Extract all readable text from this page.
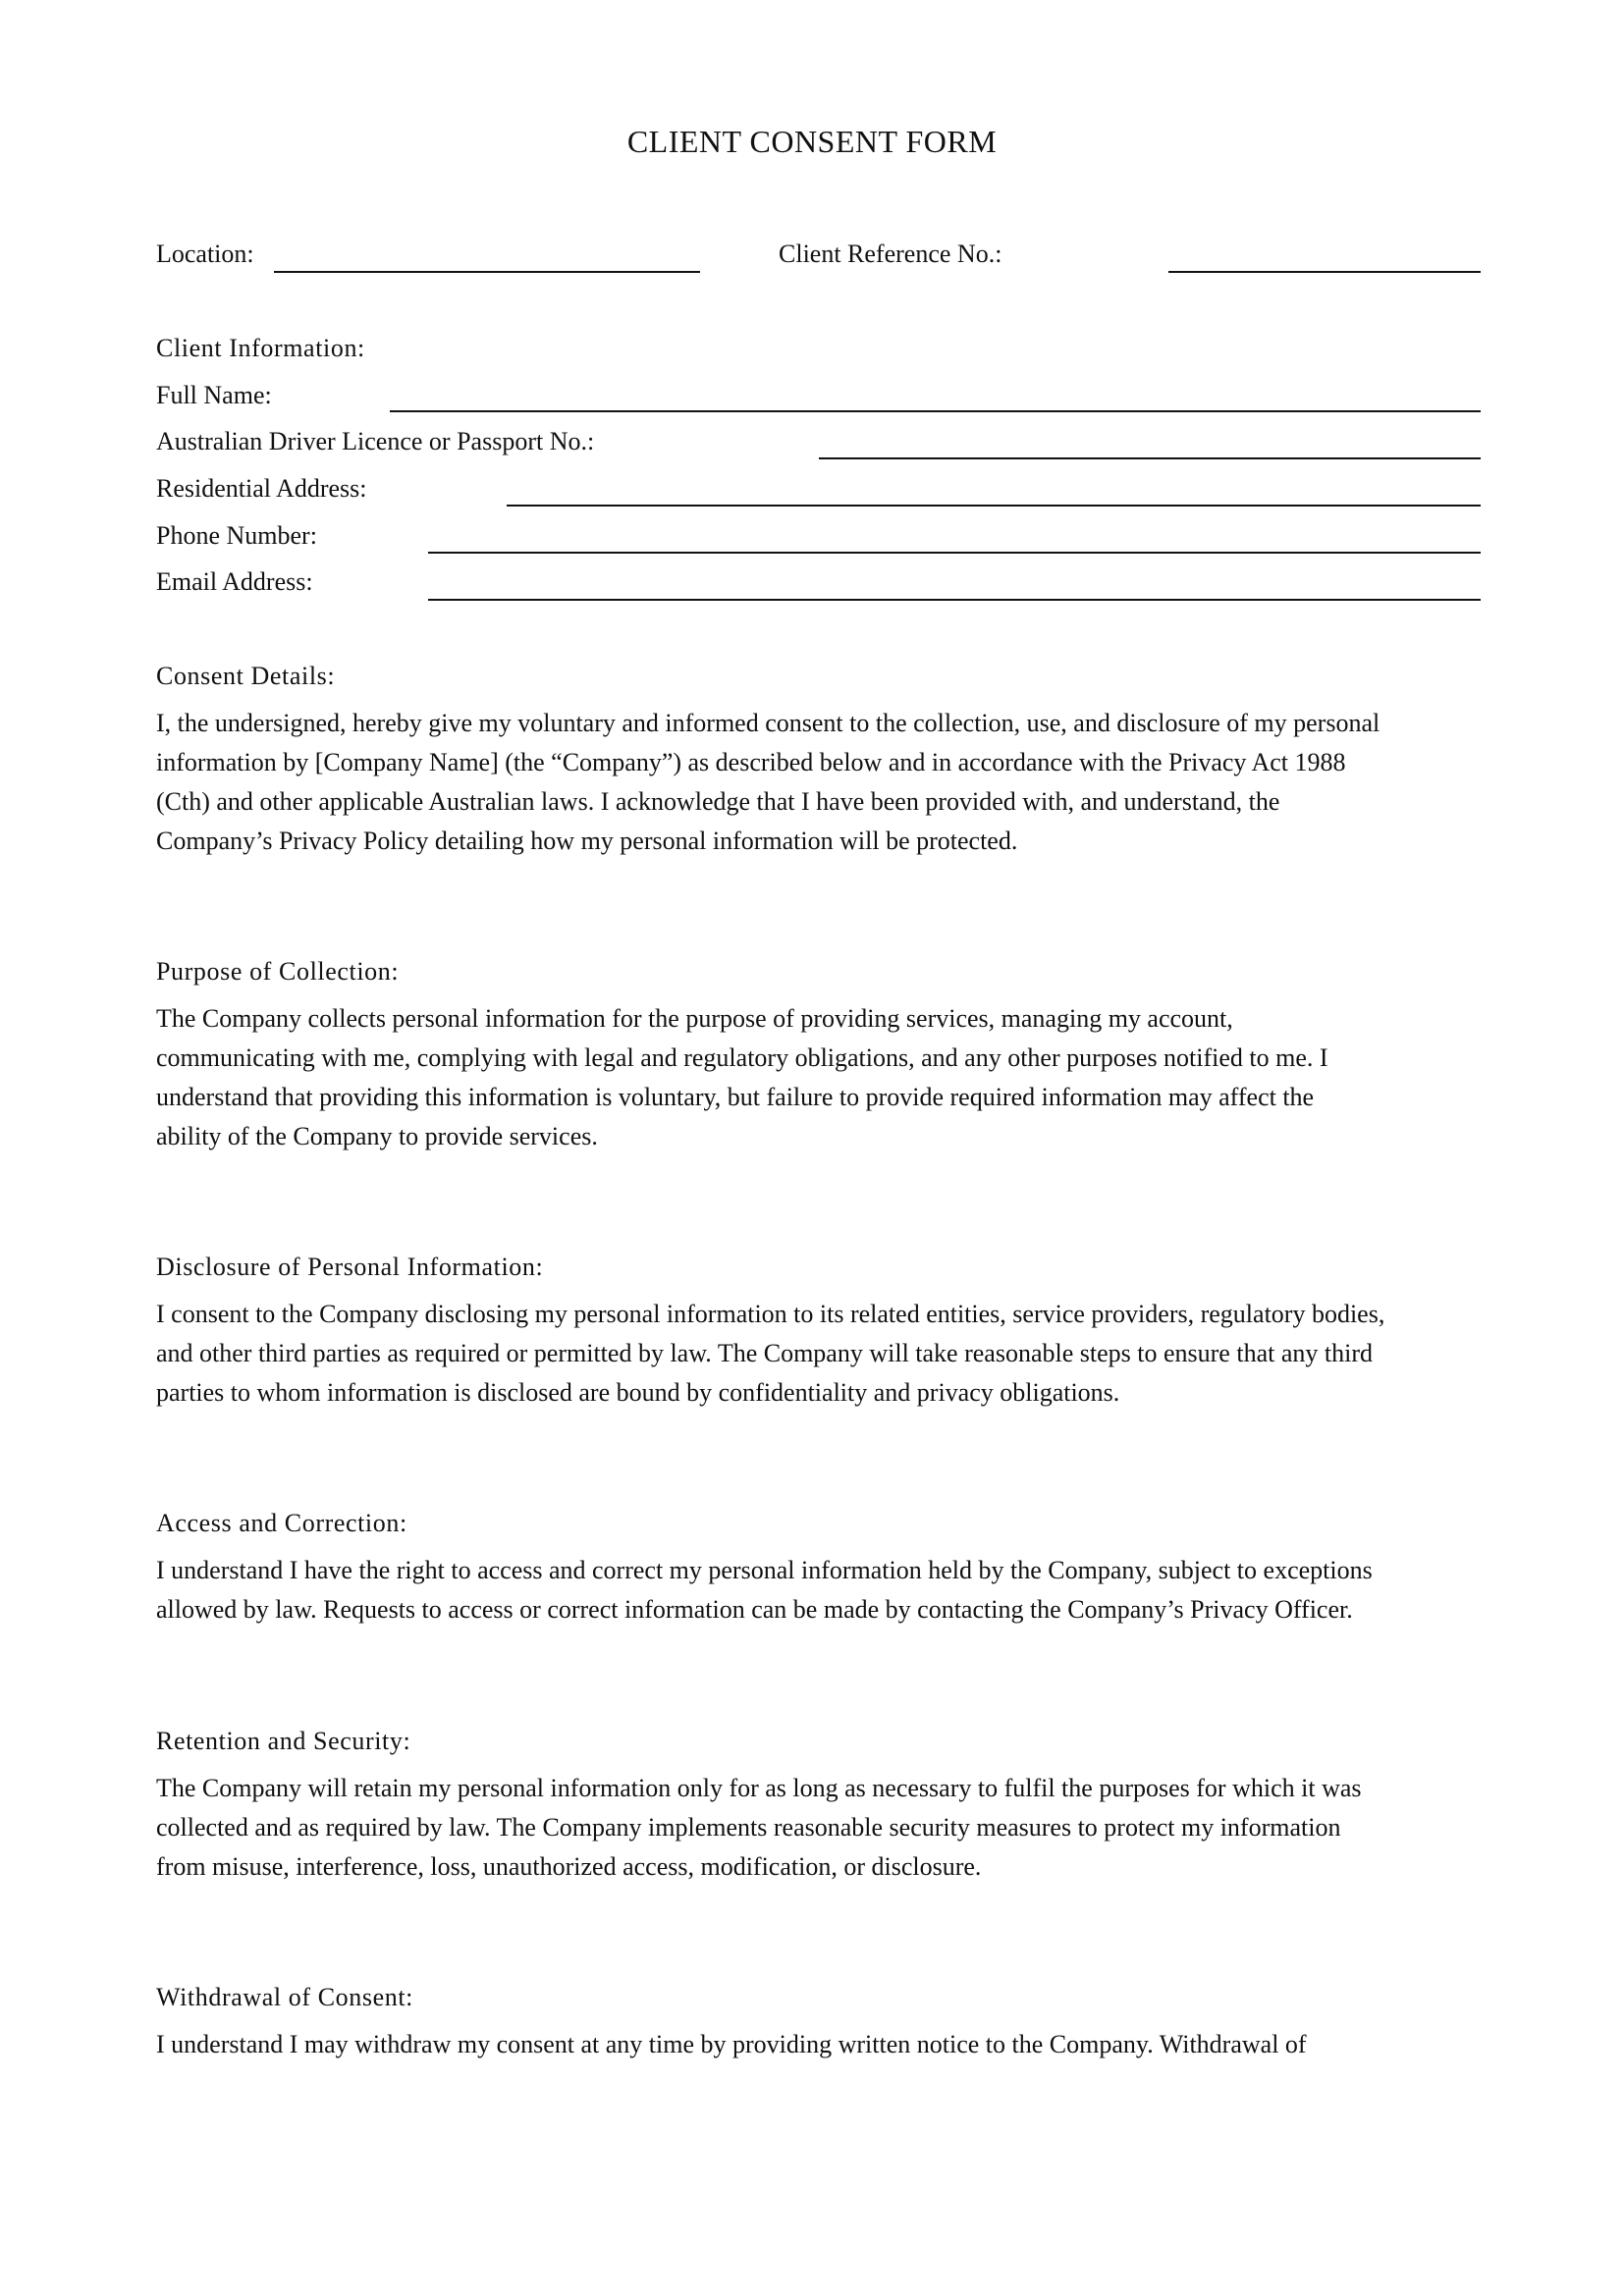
CLIENT CONSENT FORM
Location:	Client Reference No.:
Client Information:
Full Name:
Australian Driver Licence or Passport No.:
Residential Address:
Phone Number:
Email Address:
Consent Details:
I, the undersigned, hereby give my voluntary and informed consent to the collection, use, and disclosure of my personal
information by [Company Name] (the “Company”) as described below and in accordance with the Privacy Act 1988
(Cth) and other applicable Australian laws. I acknowledge that I have been provided with, and understand, the
Company’s Privacy Policy detailing how my personal information will be protected.
Purpose of Collection:
The Company collects personal information for the purpose of providing services, managing my account,
communicating with me, complying with legal and regulatory obligations, and any other purposes notified to me. I
understand that providing this information is voluntary, but failure to provide required information may affect the
ability of the Company to provide services.
Disclosure of Personal Information:
I consent to the Company disclosing my personal information to its related entities, service providers, regulatory bodies,
and other third parties as required or permitted by law. The Company will take reasonable steps to ensure that any third
parties to whom information is disclosed are bound by confidentiality and privacy obligations.
Access and Correction:
I understand I have the right to access and correct my personal information held by the Company, subject to exceptions
allowed by law. Requests to access or correct information can be made by contacting the Company’s Privacy Officer.
Retention and Security:
The Company will retain my personal information only for as long as necessary to fulfil the purposes for which it was
collected and as required by law. The Company implements reasonable security measures to protect my information
from misuse, interference, loss, unauthorized access, modification, or disclosure.
Withdrawal of Consent:
I understand I may withdraw my consent at any time by providing written notice to the Company. Withdrawal of
